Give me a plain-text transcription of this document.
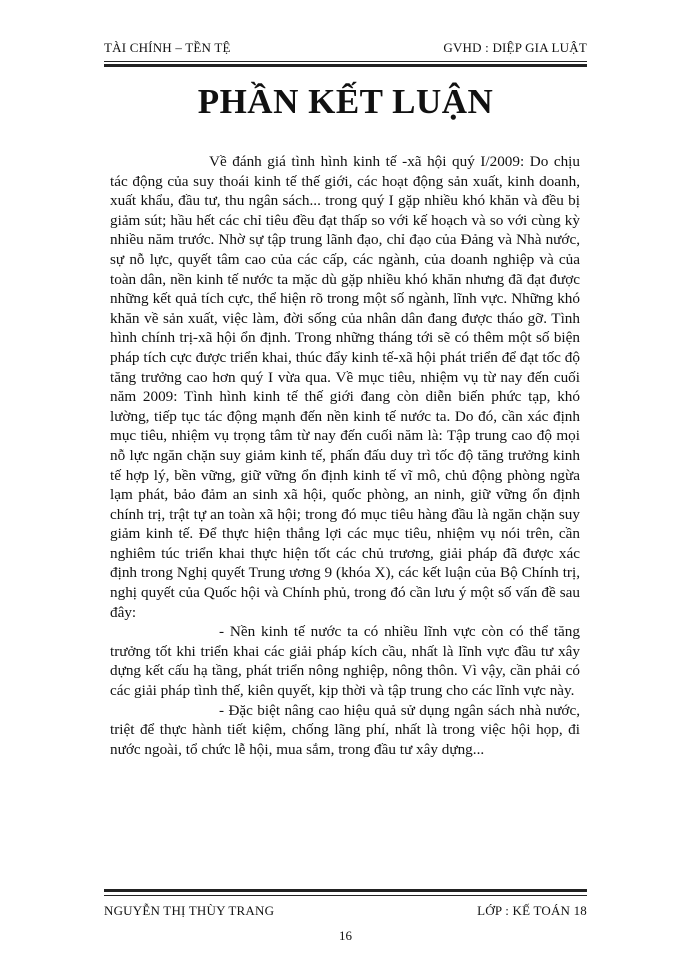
TÀI CHÍNH – TỀN TỆ	GVHD : DIỆP GIA LUẬT
PHẦN KẾT LUẬN

Về đánh giá tình hình kinh tế -xã hội quý I/2009: Do chịu tác động của suy thoái kinh tế thế giới, các hoạt động sản xuất, kinh doanh, xuất khẩu, đầu tư, thu ngân sách... trong quý I gặp nhiều khó khăn và đều bị giảm sút; hầu hết các chỉ tiêu đều đạt thấp so với kế hoạch và so với cùng kỳ nhiều năm trước. Nhờ sự tập trung lãnh đạo, chỉ đạo của Đảng và Nhà nước, sự nỗ lực, quyết tâm cao của các cấp, các ngành, của doanh nghiệp và của toàn dân, nền kinh tế nước ta mặc dù gặp nhiều khó khăn nhưng đã đạt được những kết quả tích cực, thể hiện rõ trong một số ngành, lĩnh vực. Những khó khăn về sản xuất, việc làm, đời sống của nhân dân đang được tháo gỡ. Tình hình chính trị-xã hội ổn định. Trong những tháng tới sẽ có thêm một số biện pháp tích cực được triển khai, thúc đẩy kinh tế-xã hội phát triển để đạt tốc độ tăng trưởng cao hơn quý I vừa qua. Về mục tiêu, nhiệm vụ từ nay đến cuối năm 2009: Tình hình kinh tế thế giới đang còn diễn biến phức tạp, khó lường, tiếp tục tác động mạnh đến nền kinh tế nước ta. Do đó, cần xác định mục tiêu, nhiệm vụ trọng tâm từ nay đến cuối năm là: Tập trung cao độ mọi nỗ lực ngăn chặn suy giảm kinh tế, phấn đấu duy trì tốc độ tăng trưởng kinh tế hợp lý, bền vững, giữ vững ổn định kinh tế vĩ mô, chủ động phòng ngừa lạm phát, bảo đảm an sinh xã hội, quốc phòng, an ninh, giữ vững ổn định chính trị, trật tự an toàn xã hội; trong đó mục tiêu hàng đầu là ngăn chặn suy giảm kinh tế. Để thực hiện thắng lợi các mục tiêu, nhiệm vụ nói trên, cần nghiêm túc triển khai thực hiện tốt các chủ trương, giải pháp đã được xác định trong Nghị quyết Trung ương 9 (khóa X), các kết luận của Bộ Chính trị, nghị quyết của Quốc hội và Chính phủ, trong đó cần lưu ý một số vấn đề sau đây:

- Nền kinh tế nước ta có nhiều lĩnh vực còn có thể tăng trưởng tốt khi triển khai các giải pháp kích cầu, nhất là lĩnh vực đầu tư xây dựng kết cấu hạ tầng, phát triển nông nghiệp, nông thôn. Vì vậy, cần phải có các giải pháp tình thế, kiên quyết, kịp thời và tập trung cho các lĩnh vực này.

- Đặc biệt nâng cao hiệu quả sử dụng ngân sách nhà nước, triệt để thực hành tiết kiệm, chống lãng phí, nhất là trong việc hội họp, đi nước ngoài, tổ chức lễ hội, mua sắm, trong đầu tư xây dựng...

NGUYỄN THỊ THÙY TRANG	LỚP : KẾ TOÁN 18
16
